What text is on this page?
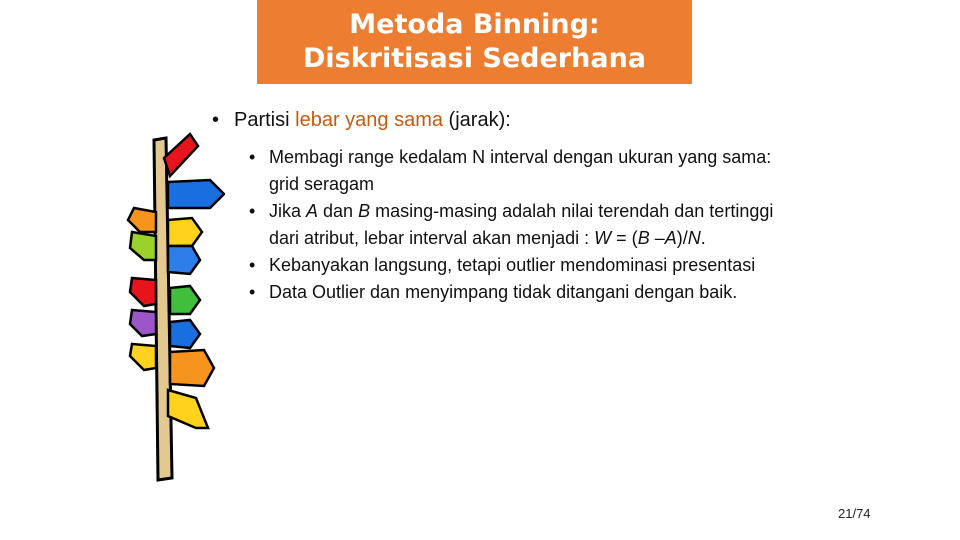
Metoda Binning:
Diskritisasi Sederhana
• Partisi lebar yang sama (jarak):
• Membagi range kedalam N interval dengan ukuran yang sama: grid seragam
• Jika A dan B masing-masing adalah nilai terendah dan tertinggi dari atribut, lebar interval akan menjadi : W = (B –A)/N.
• Kebanyakan langsung, tetapi outlier mendominasi presentasi
• Data Outlier dan menyimpang tidak ditangani dengan baik.
21/74
